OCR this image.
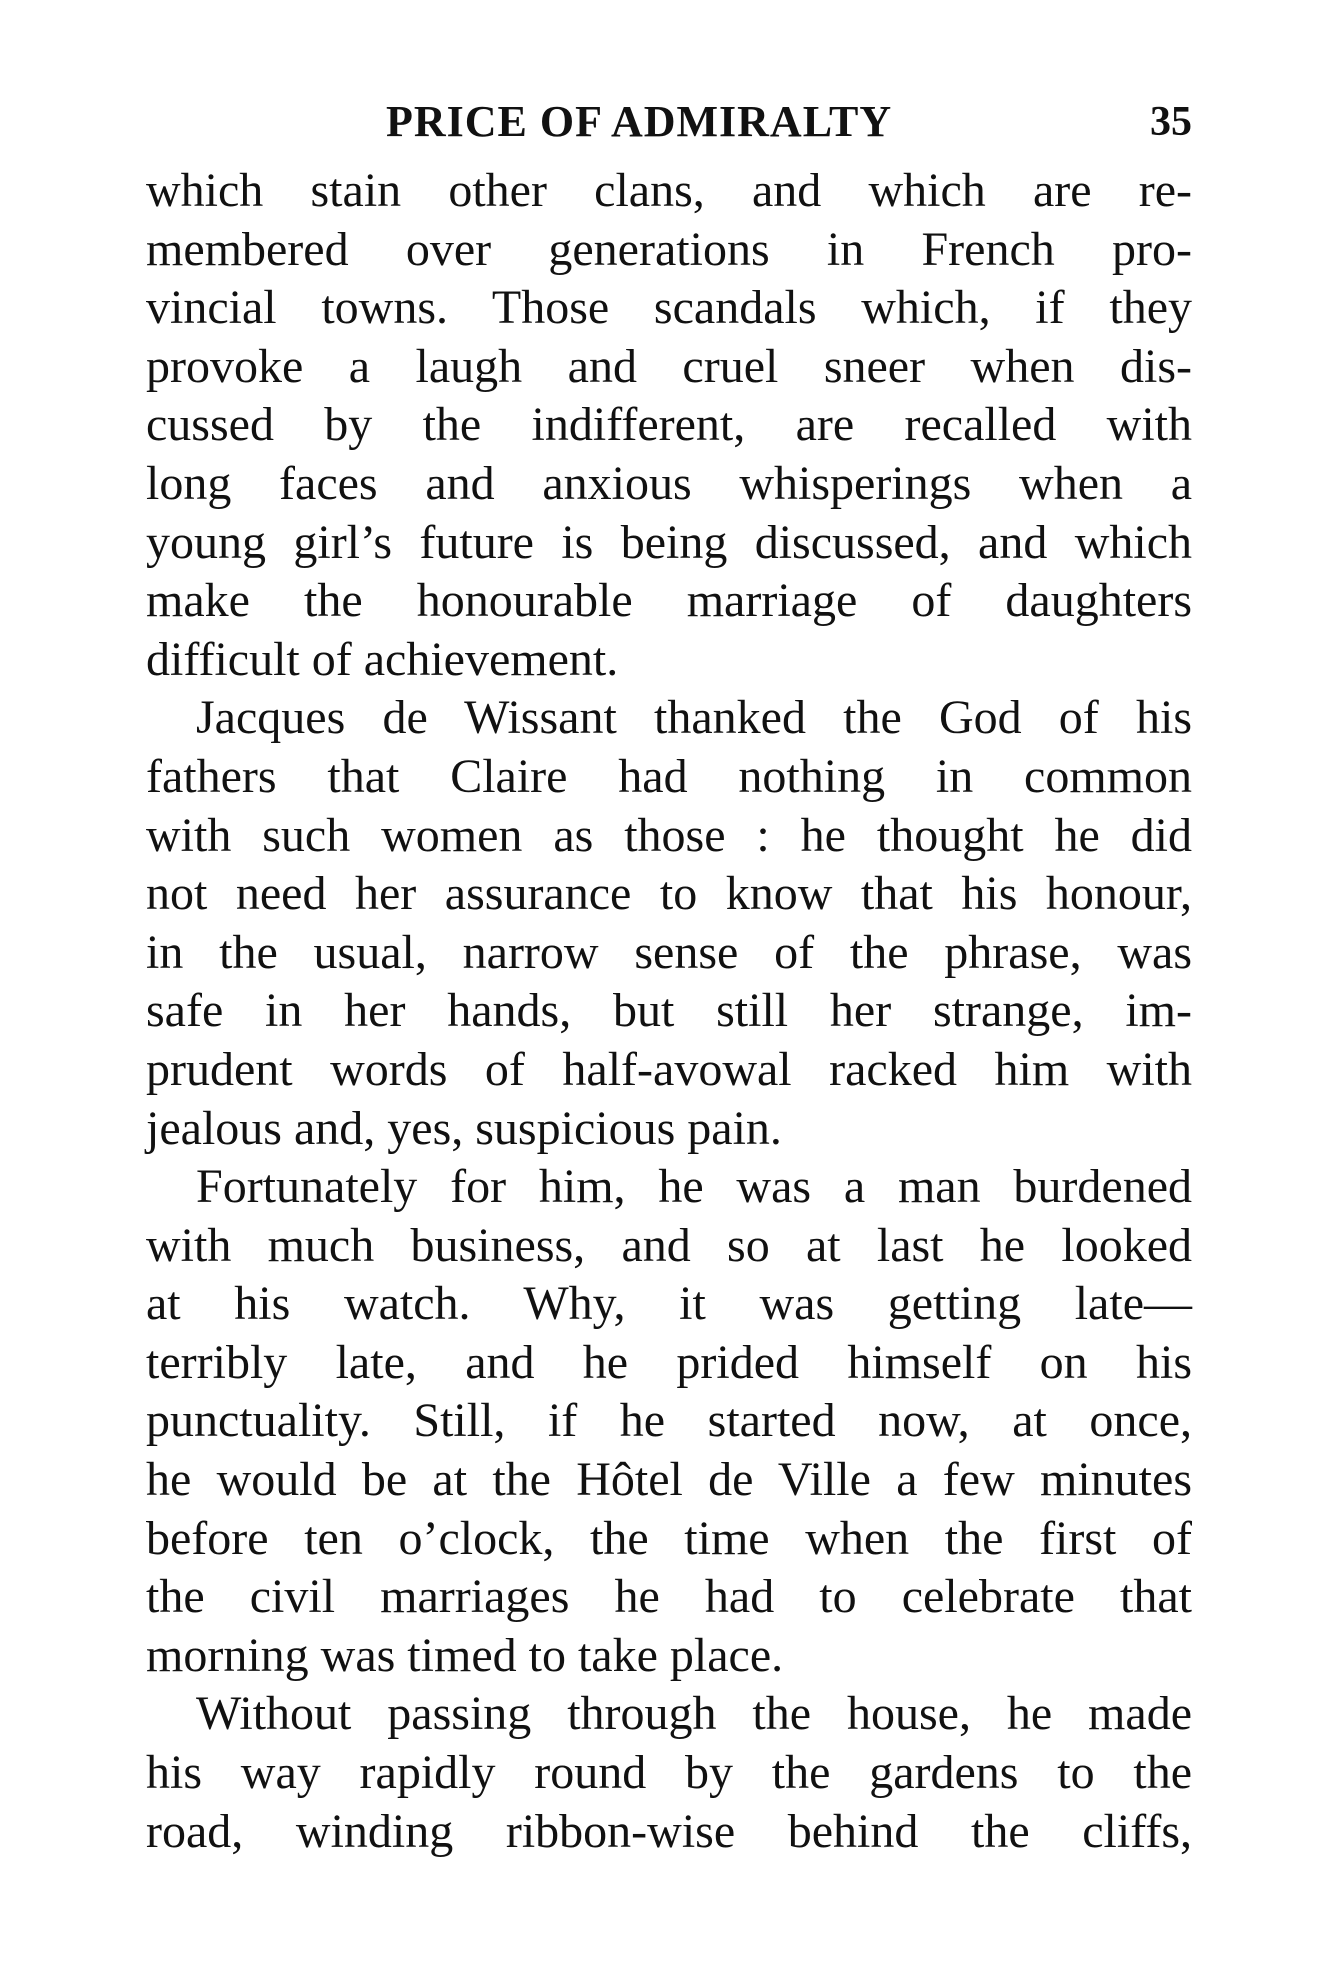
PRICE OF ADMIRALTY	35
which stain other clans, and which are re-
membered over generations in French pro-
vincial towns. Those scandals which, if they
provoke a laugh and cruel sneer when dis-
cussed by the indifferent, are recalled with
long faces and anxious whisperings when a
young girl’s future is being discussed, and which
make the honourable marriage of daughters
difficult of achievement.
Jacques de Wissant thanked the God of his
fathers that Claire had nothing in common
with such women as those : he thought he did
not need her assurance to know that his honour,
in the usual, narrow sense of the phrase, was
safe in her hands, but still her strange, im-
prudent words of half-avowal racked him with
jealous and, yes, suspicious pain.
Fortunately for him, he was a man burdened
with much business, and so at last he looked
at his watch. Why, it was getting late—
terribly late, and he prided himself on his
punctuality. Still, if he started now, at once,
he would be at the Hôtel de Ville a few minutes
before ten o’clock, the time when the first of
the civil marriages he had to celebrate that
morning was timed to take place.
Without passing through the house, he made
his way rapidly round by the gardens to the
road, winding ribbon-wise behind the cliffs,
